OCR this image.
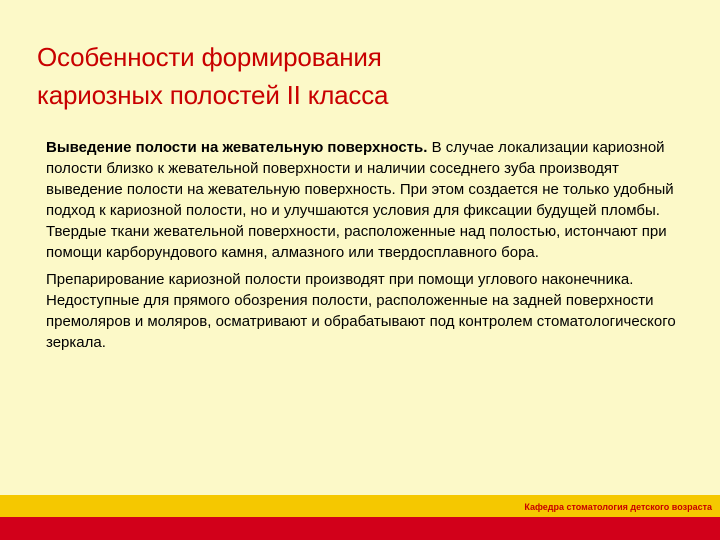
Особенности формирования
кариозных полостей II класса

Выведение полости на жевательную поверхность. В случае локализации кариозной полости близко к жевательной поверхности и наличии соседнего зуба производят выведение полости на жевательную поверхность. При этом создается не только удобный подход к кариозной полости, но и улучшаются условия для фиксации будущей пломбы. Твердые ткани жевательной поверхности, расположенные над полостью, истончают при помощи карборундового камня, алмазного или твердосплавного бора.

Препарирование кариозной полости производят при помощи углового наконечника. Недоступные для прямого обозрения полости, расположенные на задней поверхности премоляров и моляров, осматривают и обрабатывают под контролем стоматологического зеркала.

Кафедра стоматология детского возраста
